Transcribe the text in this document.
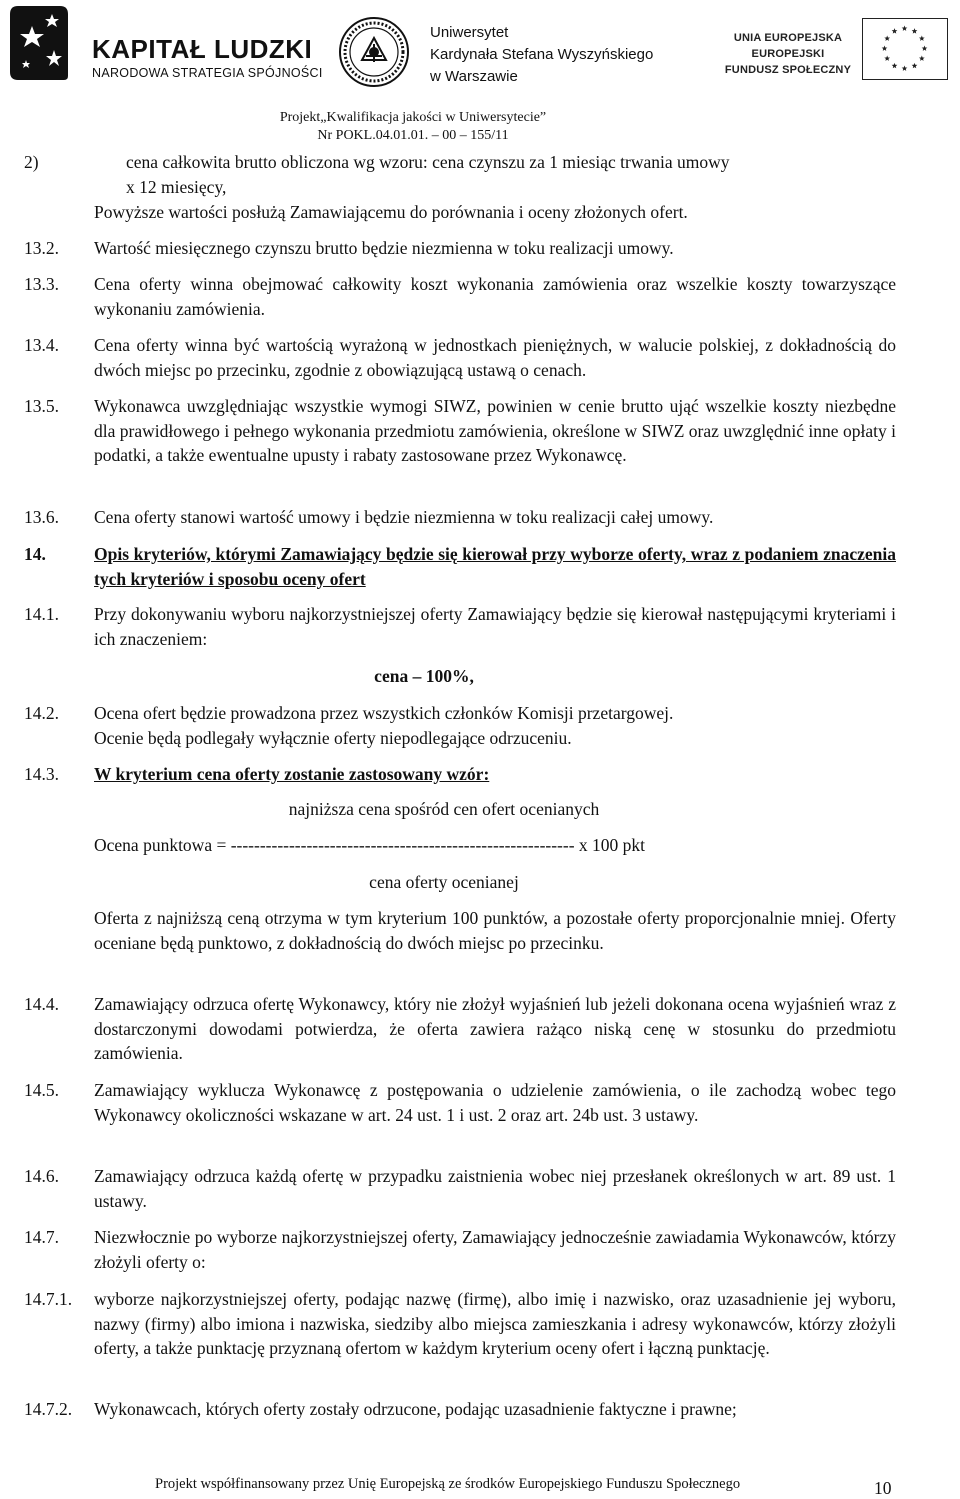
KAPITAŁ LUDZKI
NARODOWA STRATEGIA SPÓJNOŚCI
Uniwersytet
Kardynała Stefana Wyszyńskiego
w Warszawie
UNIA EUROPEJSKA
EUROPEJSKI
FUNDUSZ SPOŁECZNY
Projekt„Kwalifikacja jakości w Uniwersytecie”
Nr POKL.04.01.01. – 00 – 155/11
2)	cena całkowita brutto obliczona wg wzoru: cena czynszu za 1 miesiąc trwania umowy
x 12 miesięcy,
Powyższe wartości posłużą Zamawiającemu do porównania i oceny złożonych ofert.
13.2. Wartość miesięcznego czynszu brutto będzie niezmienna w toku realizacji umowy.
13.3. Cena oferty winna obejmować całkowity koszt wykonania zamówienia oraz wszelkie koszty towarzyszące wykonaniu zamówienia.
13.4. Cena oferty winna być wartością wyrażoną w jednostkach pieniężnych, w walucie polskiej, z dokładnością do dwóch miejsc po przecinku, zgodnie z obowiązującą ustawą o cenach.
13.5. Wykonawca uwzględniając wszystkie wymogi SIWZ, powinien w cenie brutto ująć wszelkie koszty niezbędne dla prawidłowego i pełnego wykonania przedmiotu zamówienia, określone w SIWZ oraz uwzględnić inne opłaty i podatki, a także ewentualne upusty i rabaty zastosowane przez Wykonawcę.
13.6. Cena oferty stanowi wartość umowy i będzie niezmienna w toku realizacji całej umowy.
14.	Opis kryteriów, którymi Zamawiający będzie się kierował przy wyborze oferty, wraz z podaniem znaczenia tych kryteriów i sposobu oceny ofert
14.1. Przy dokonywaniu wyboru najkorzystniejszej oferty Zamawiający będzie się kierował następującymi kryteriami i ich znaczeniem:
cena – 100%,
14.2. Ocena ofert będzie prowadzona przez wszystkich członków Komisji przetargowej.
Ocenie będą podlegały wyłącznie oferty niepodlegające odrzuceniu.
14.3. W kryterium cena oferty zostanie zastosowany wzór:
najniższa cena spośród cen ofert ocenianych
Ocena punktowa = ----------------------------------------------------------- x 100 pkt
cena oferty ocenianej
Oferta z najniższą ceną otrzyma w tym kryterium 100 punktów, a pozostałe oferty proporcjonalnie mniej. Oferty oceniane będą punktowo, z dokładnością do dwóch miejsc po przecinku.
14.4. Zamawiający odrzuca ofertę Wykonawcy, który nie złożył wyjaśnień lub jeżeli dokonana ocena wyjaśnień wraz z dostarczonymi dowodami potwierdza, że oferta zawiera rażąco niską cenę w stosunku do przedmiotu zamówienia.
14.5. Zamawiający wyklucza Wykonawcę z postępowania o udzielenie zamówienia, o ile zachodzą wobec tego Wykonawcy okoliczności wskazane w art. 24 ust. 1 i ust. 2 oraz art. 24b ust. 3 ustawy.
14.6. Zamawiający odrzuca każdą ofertę w przypadku zaistnienia wobec niej przesłanek określonych w art. 89 ust. 1 ustawy.
14.7. Niezwłocznie po wyborze najkorzystniejszej oferty, Zamawiający jednocześnie zawiadamia Wykonawców, którzy złożyli oferty o:
14.7.1. wyborze najkorzystniejszej oferty, podając nazwę (firmę), albo imię i nazwisko, oraz uzasadnienie jej wyboru, nazwy (firmy) albo imiona i nazwiska, siedziby albo miejsca zamieszkania i adresy wykonawców, którzy złożyli oferty, a także punktację przyznaną ofertom w każdym kryterium oceny ofert i łączną punktację.
14.7.2. Wykonawcach, których oferty zostały odrzucone, podając uzasadnienie faktyczne i prawne;
Projekt współfinansowany przez Unię Europejską ze środków Europejskiego Funduszu Społecznego	10
